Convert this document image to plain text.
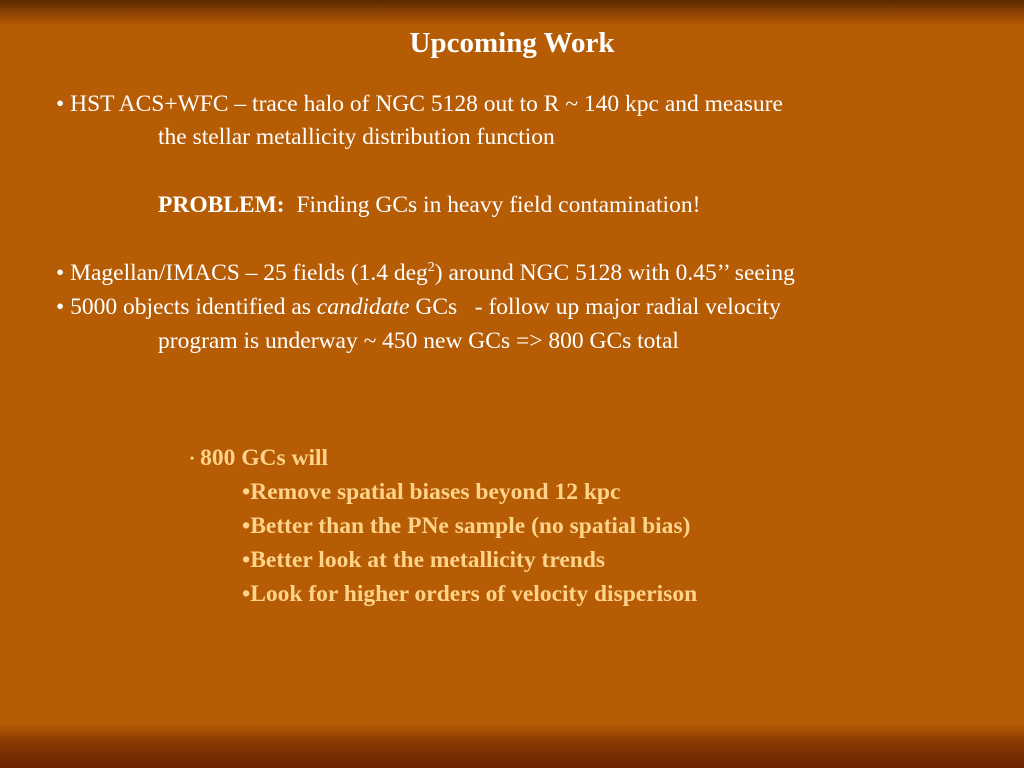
Upcoming Work
• HST ACS+WFC – trace halo of NGC 5128 out to R ~ 140 kpc and measure
the stellar metallicity distribution function
PROBLEM:  Finding GCs in heavy field contamination!
• Magellan/IMACS – 25 fields (1.4 deg$^2$) around NGC 5128 with 0.45’’ seeing
• 5000 objects identified as candidate GCs   - follow up major radial velocity
program is underway ~ 450 new GCs => 800 GCs total
• 800 GCs will
•Remove spatial biases beyond 12 kpc
•Better than the PNe sample (no spatial bias)
•Better look at the metallicity trends
•Look for higher orders of velocity disperison
